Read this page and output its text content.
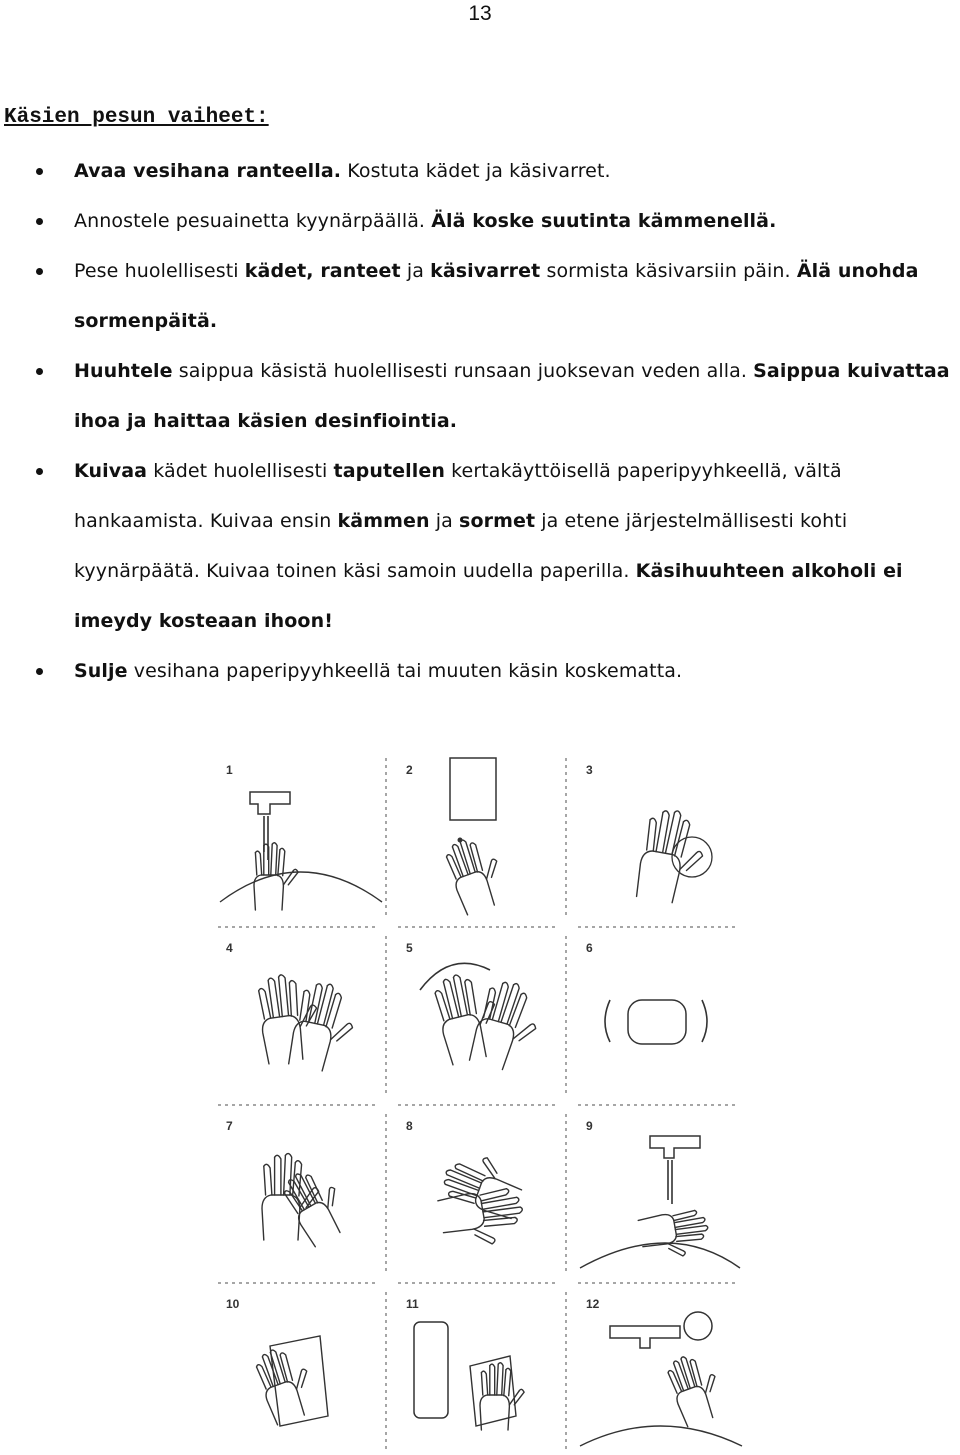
13
Käsien pesun vaiheet:
Avaa vesihana ranteella. Kostuta kädet ja käsivarret.
Annostele pesuainetta kyynärpäällä. Älä koske suutinta kämmenellä.
Pese huolellisesti kädet, ranteet ja käsivarret sormista käsivarsiin päin. Älä unohda sormenpäitä.
Huuhtele saippua käsistä huolellisesti runsaan juoksevan veden alla. Saippua kuivattaa ihoa ja haittaa käsien desinfiointia.
Kuivaa kädet huolellisesti taputellen kertakäyttöisellä paperipyyhkeellä, vältä hankaamista. Kuivaa ensin kämmen ja sormet ja etene järjestelmällisesti kohti kyynärpäätä. Kuivaa toinen käsi samoin uudella paperilla. Käsihuuhteen alkoholi ei imeydy kosteaan ihoon!
Sulje vesihana paperipyyhkeellä tai muuten käsin koskematta.
1	2	3
4	5	6
7	8	9
10	11	12
